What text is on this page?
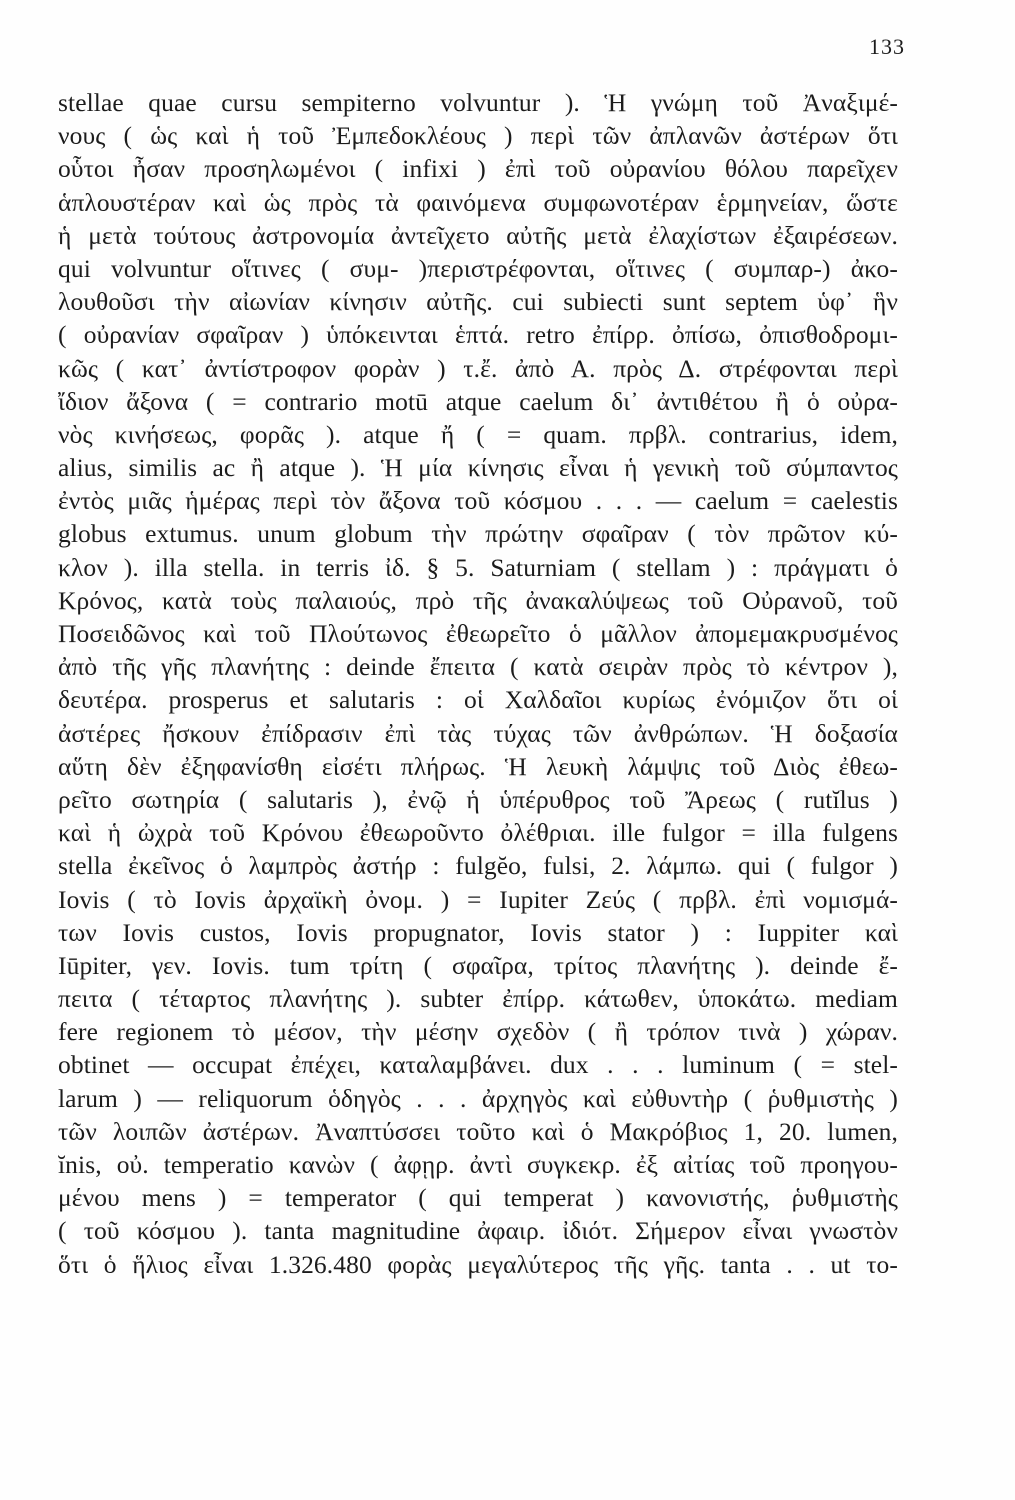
133
stellae quae cursu sempiterno volvuntur ). Ἡ γνώμη τοῦ Ἀναξιμέ-
νους ( ὡς καὶ ἡ τοῦ Ἐμπεδοκλέους ) περὶ τῶν ἀπλανῶν ἀστέρων ὅτι
οὗτοι ἦσαν προσηλωμένοι ( infixi ) ἐπὶ τοῦ οὐρανίου θόλου παρεῖχεν
ἁπλουστέραν καὶ ὡς πρὸς τὰ φαινόμενα συμφωνοτέραν ἑρμηνείαν, ὥστε
ἡ μετὰ τούτους ἀστρονομία ἀντεῖχετο αὐτῆς μετὰ ἐλαχίστων ἐξαιρέσεων.
qui volvuntur οἵτινες ( συμ- )περιστρέφονται, οἵτινες ( συμπαρ-) ἀκο-
λουθοῦσι τὴν αἰωνίαν κίνησιν αὐτῆς. cui subiecti sunt septem ὑφ᾽ ἣν
( οὐρανίαν σφαῖραν ) ὑπόκεινται ἑπτά. retro ἐπίρρ. ὀπίσω, ὀπισθοδρομι-
κῶς ( κατ᾽ ἀντίστροφον φορὰν ) τ.ἔ. ἀπὸ Α. πρὸς Δ. στρέφονται περὶ
ἴδιον ἄξονα ( = contrario motū atque caelum δι᾽ ἀντιθέτου ἢ ὁ οὐρα-
νὸς κινήσεως, φορᾶς ). atque ἤ ( = quam. πρβλ. contrarius, idem,
alius, similis ac ἢ atque ). Ἡ μία κίνησις εἶναι ἡ γενικὴ τοῦ σύμπαντος
ἐντὸς μιᾶς ἡμέρας περὶ τὸν ἄξονα τοῦ κόσμου . . . — caelum = caelestis
globus extumus. unum globum τὴν πρώτην σφαῖραν ( τὸν πρῶτον κύ-
κλον ). illa stella. in terris ἰδ. § 5. Saturniam ( stellam ) : πράγματι ὁ
Κρόνος, κατὰ τοὺς παλαιούς, πρὸ τῆς ἀνακαλύψεως τοῦ Οὐρανοῦ, τοῦ
Ποσειδῶνος καὶ τοῦ Πλούτωνος ἐθεωρεῖτο ὁ μᾶλλον ἀπομεμακρυσμένος
ἀπὸ τῆς γῆς πλανήτης : deinde ἔπειτα ( κατὰ σειρὰν πρὸς τὸ κέντρον ),
δευτέρα. prosperus et salutaris : οἱ Χαλδαῖοι κυρίως ἐνόμιζον ὅτι οἱ
ἀστέρες ἤσκουν ἐπίδρασιν ἐπὶ τὰς τύχας τῶν ἀνθρώπων. Ἡ δοξασία
αὕτη δὲν ἐξηφανίσθη εἰσέτι πλήρως. Ἡ λευκὴ λάμψις τοῦ Διὸς ἐθεω-
ρεῖτο σωτηρία ( salutaris ), ἐνῷ ἡ ὑπέρυθρος τοῦ Ἄρεως ( rutĭlus )
καὶ ἡ ὠχρὰ τοῦ Κρόνου ἐθεωροῦντο ὀλέθριαι. ille fulgor = illa fulgens
stella ἐκεῖνος ὁ λαμπρὸς ἀστήρ : fulgĕo, fulsi, 2. λάμπω. qui ( fulgor )
Iovis ( τὸ Iovis ἀρχαϊκὴ ὀνομ. ) = Iupiter Ζεύς ( πρβλ. ἐπὶ νομισμά-
των Iovis custos, Iovis propugnator, Iovis stator ) : Iuppiter καὶ
Iūpiter, γεν. Iovis. tum τρίτη ( σφαῖρα, τρίτος πλανήτης ). deinde ἔ-
πειτα ( τέταρτος πλανήτης ). subter ἐπίρρ. κάτωθεν, ὑποκάτω. mediam
fere regionem τὸ μέσον, τὴν μέσην σχεδὸν ( ἢ τρόπον τινὰ ) χώραν.
obtinet — occupat ἐπέχει, καταλαμβάνει. dux . . . luminum ( = stel-
larum ) — reliquorum ὁδηγὸς . . . ἀρχηγὸς καὶ εὐθυντὴρ ( ῥυθμιστὴς )
τῶν λοιπῶν ἀστέρων. Ἀναπτύσσει τοῦτο καὶ ὁ Μακρόβιος 1, 20. lumen,
ĭnis, οὐ. temperatio κανὼν ( ἀφῃρ. ἀντὶ συγκεκρ. ἐξ αἰτίας τοῦ προηγου-
μένου mens ) = temperator ( qui temperat ) κανονιστής, ῥυθμιστὴς
( τοῦ κόσμου ). tanta magnitudine ἀφαιρ. ἰδιότ. Σήμερον εἶναι γνωστὸν
ὅτι ὁ ἥλιος εἶναι 1.326.480 φορὰς μεγαλύτερος τῆς γῆς. tanta . . ut το-
